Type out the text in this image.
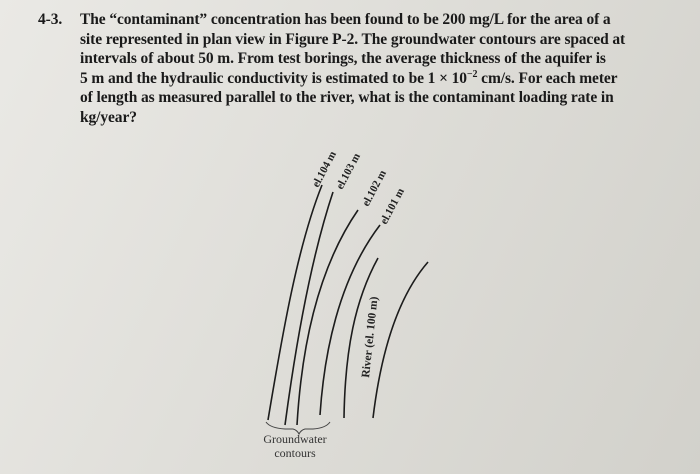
4-3.	The “contaminant” concentration has been found to be 200 mg/L for the area of a
site represented in plan view in Figure P-2. The groundwater contours are spaced at
intervals of about 50 m. From test borings, the average thickness of the aquifer is
5 m and the hydraulic conductivity is estimated to be $1 \times 10^{-2}$ cm/s. For each meter
of length as measured parallel to the river, what is the contaminant loading rate in
kg/year?
el.104 m
el.103 m
el.102 m
el.101 m
River (el. 100 m)
Groundwater
contours
